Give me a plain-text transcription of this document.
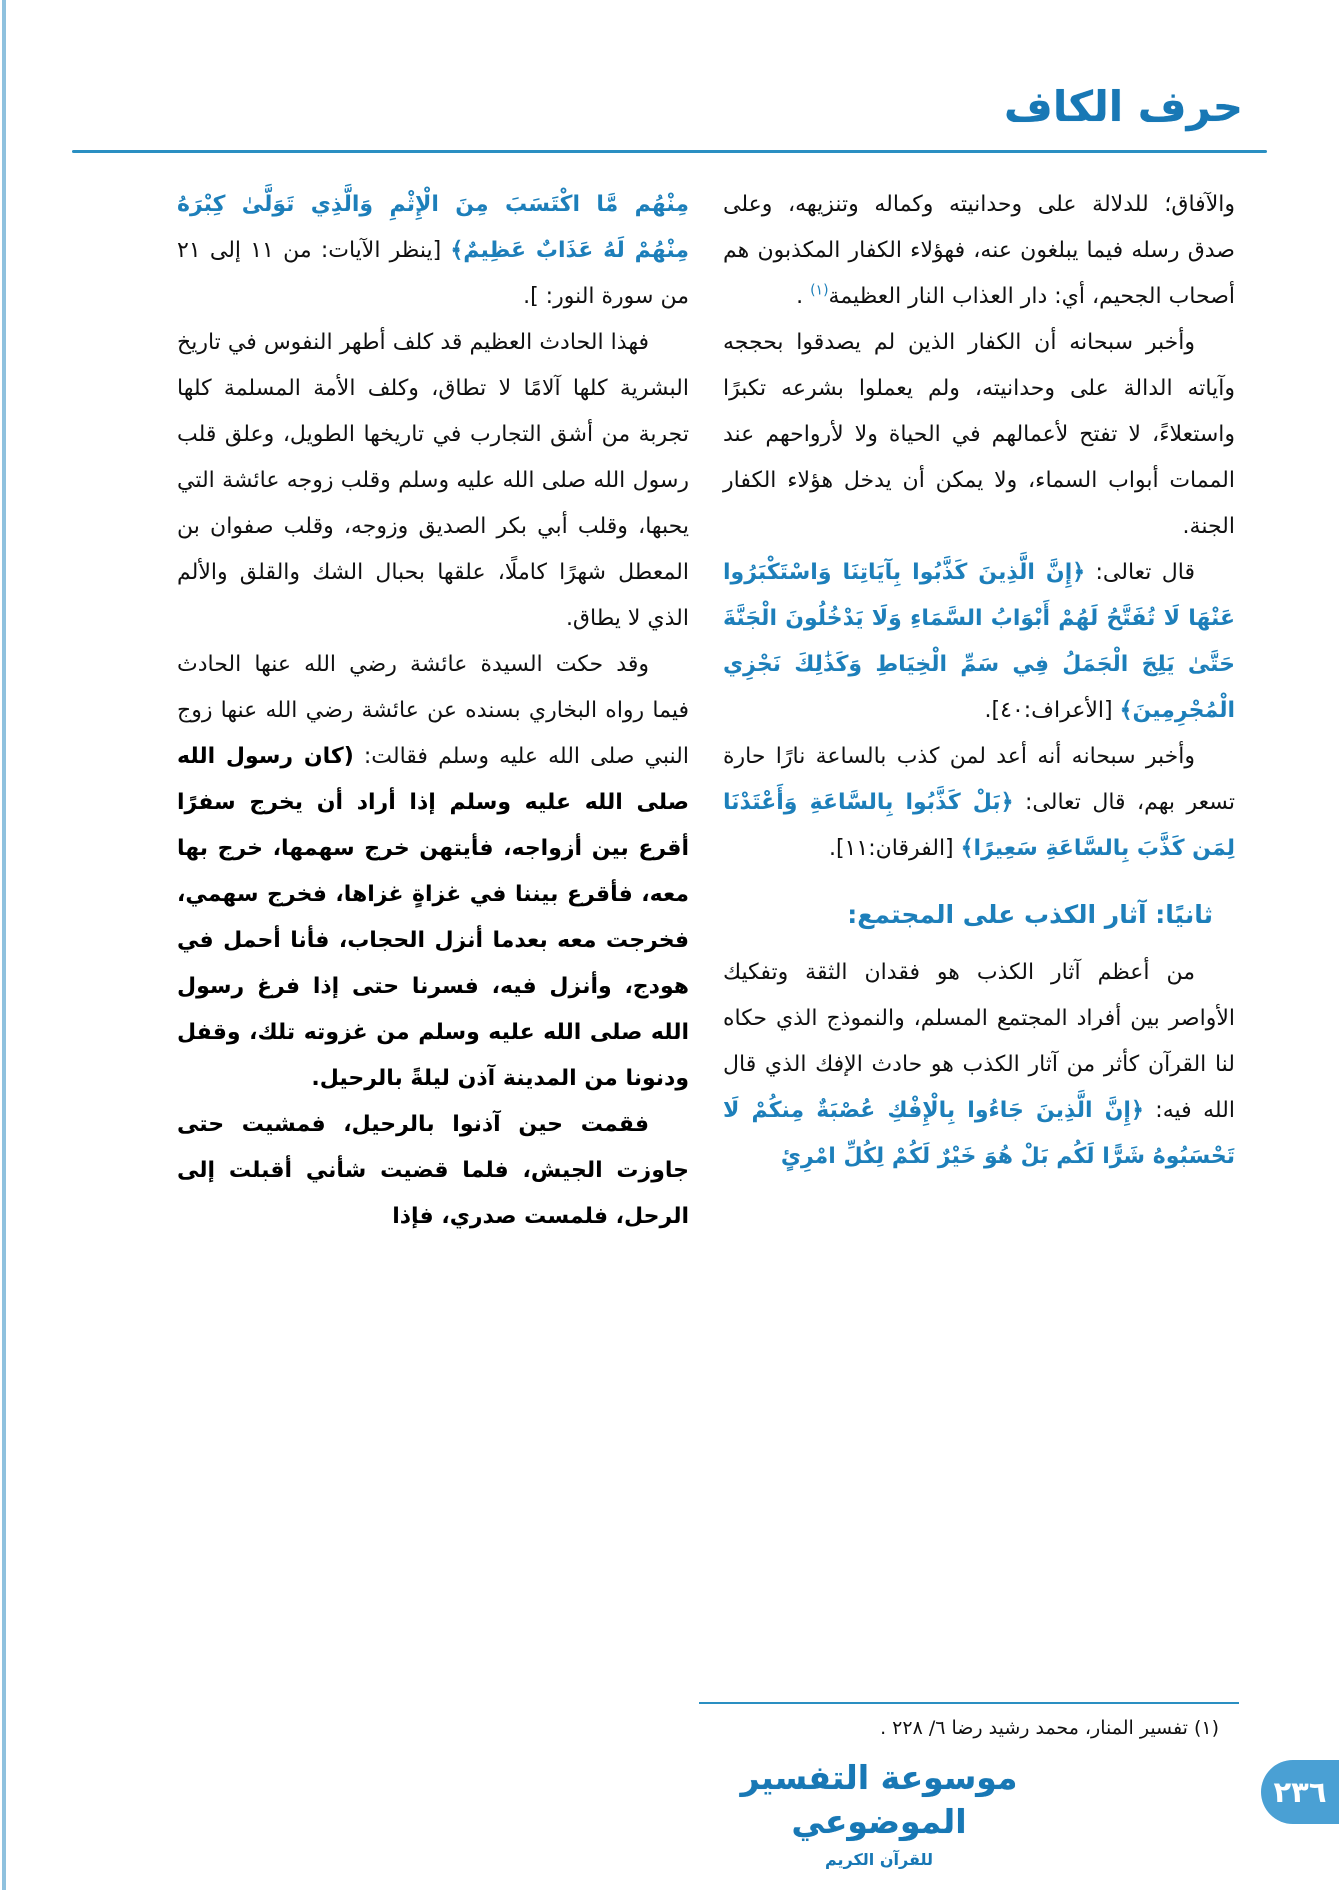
حرف الكاف

والآفاق؛ للدلالة على وحدانيته وكماله وتنزيهه، وعلى صدق رسله فيما يبلغون عنه، فهؤلاء الكفار المكذبون هم أصحاب الجحيم، أي: دار العذاب النار العظيمة$^{(١)}$ .

وأخبر سبحانه أن الكفار الذين لم يصدقوا بحججه وآياته الدالة على وحدانيته، ولم يعملوا بشرعه تكبرًا واستعلاءً، لا تفتح لأعمالهم في الحياة ولا لأرواحهم عند الممات أبواب السماء، ولا يمكن أن يدخل هؤلاء الكفار الجنة.

قال تعالى: ﴿إِنَّ الَّذِينَ كَذَّبُوا بِآيَاتِنَا وَاسْتَكْبَرُوا عَنْهَا لَا تُفَتَّحُ لَهُمْ أَبْوَابُ السَّمَاءِ وَلَا يَدْخُلُونَ الْجَنَّةَ حَتَّىٰ يَلِجَ الْجَمَلُ فِي سَمِّ الْخِيَاطِ وَكَذَٰلِكَ نَجْزِي الْمُجْرِمِينَ﴾ [الأعراف:٤٠].

وأخبر سبحانه أنه أعد لمن كذب بالساعة نارًا حارة تسعر بهم، قال تعالى: ﴿بَلْ كَذَّبُوا بِالسَّاعَةِ وَأَعْتَدْنَا لِمَن كَذَّبَ بِالسَّاعَةِ سَعِيرًا﴾ [الفرقان:١١].

ثانيًا: آثار الكذب على المجتمع:

من أعظم آثار الكذب هو فقدان الثقة وتفكيك الأواصر بين أفراد المجتمع المسلم، والنموذج الذي حكاه لنا القرآن كأثر من آثار الكذب هو حادث الإفك الذي قال الله فيه: ﴿إِنَّ الَّذِينَ جَاءُوا بِالْإِفْكِ عُصْبَةٌ مِنكُمْ لَا تَحْسَبُوهُ شَرًّا لَكُم بَلْ هُوَ خَيْرٌ لَكُمْ لِكُلِّ امْرِئٍ

مِنْهُم مَّا اكْتَسَبَ مِنَ الْإِثْمِ وَالَّذِي تَوَلَّىٰ كِبْرَهُ مِنْهُمْ لَهُ عَذَابٌ عَظِيمٌ﴾ [ينظر الآيات: من ١١ إلى ٢١ من سورة النور: ].

فهذا الحادث العظيم قد كلف أطهر النفوس في تاريخ البشرية كلها آلامًا لا تطاق، وكلف الأمة المسلمة كلها تجربة من أشق التجارب في تاريخها الطويل، وعلق قلب رسول الله صلى الله عليه وسلم وقلب زوجه عائشة التي يحبها، وقلب أبي بكر الصديق وزوجه، وقلب صفوان بن المعطل شهرًا كاملًا، علقها بحبال الشك والقلق والألم الذي لا يطاق.

وقد حكت السيدة عائشة رضي الله عنها الحادث فيما رواه البخاري بسنده عن عائشة رضي الله عنها زوج النبي صلى الله عليه وسلم فقالت: (كان رسول الله صلى الله عليه وسلم إذا أراد أن يخرج سفرًا أقرع بين أزواجه، فأيتهن خرج سهمها، خرج بها معه، فأقرع بيننا في غزاةٍ غزاها، فخرج سهمي، فخرجت معه بعدما أنزل الحجاب، فأنا أحمل في هودج، وأنزل فيه، فسرنا حتى إذا فرغ رسول الله صلى الله عليه وسلم من غزوته تلك، وقفل ودنونا من المدينة آذن ليلةً بالرحيل.

فقمت حين آذنوا بالرحيل، فمشيت حتى جاوزت الجيش، فلما قضيت شأني أقبلت إلى الرحل، فلمست صدري، فإذا

(١) تفسير المنار، محمد رشيد رضا ٦/ ٢٢٨ .
موسوعة التفسير الموضوعي
للقرآن الكريم
٢٣٦
